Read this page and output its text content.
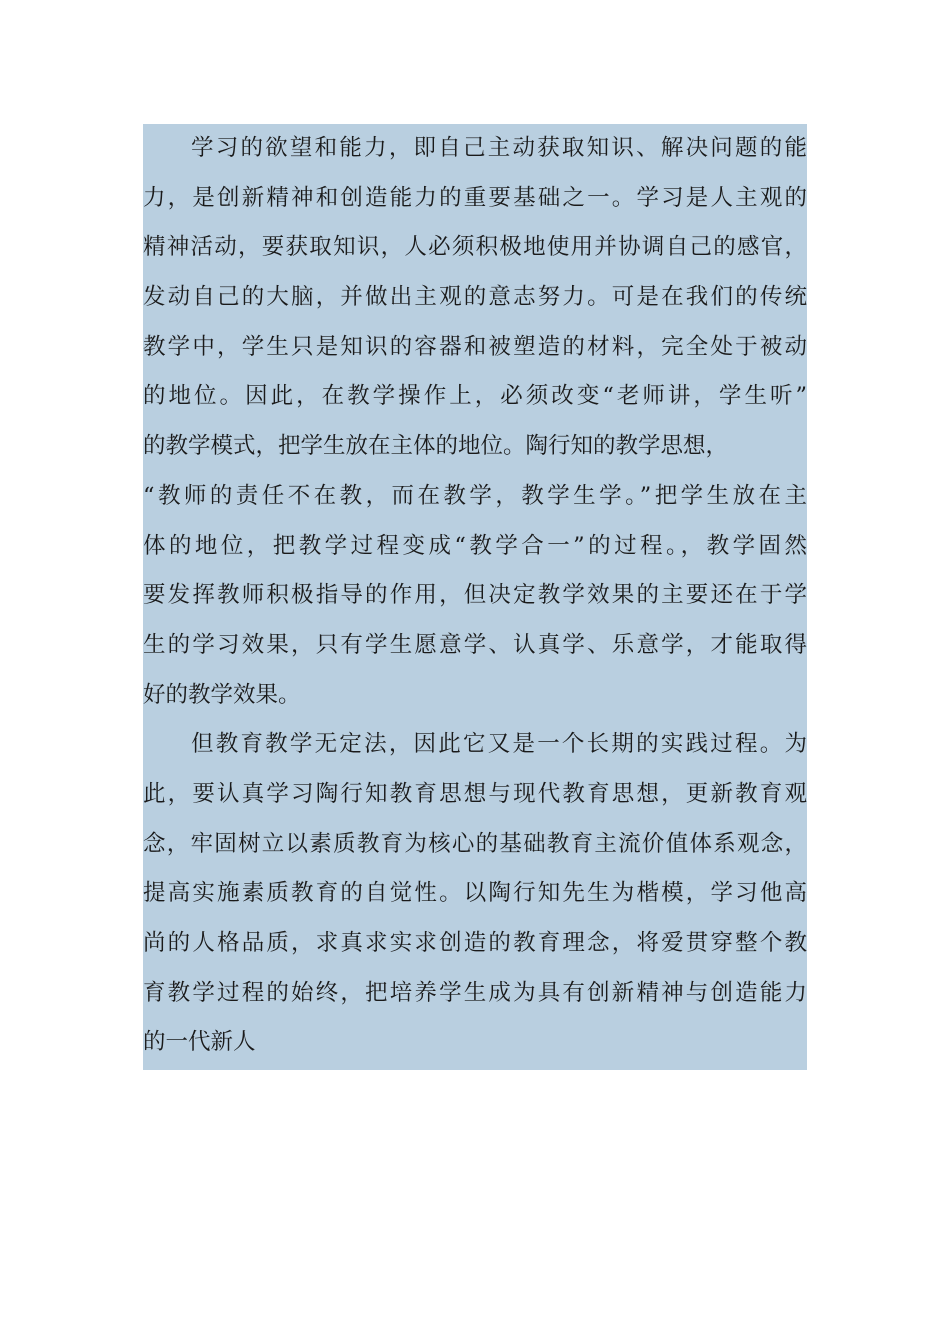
学习的欲望和能力，即自己主动获取知识、解决问题的能
力，是创新精神和创造能力的重要基础之一。学习是人主观的
精神活动，要获取知识，人必须积极地使用并协调自己的感官，
发动自己的大脑，并做出主观的意志努力。可是在我们的传统
教学中，学生只是知识的容器和被塑造的材料，完全处于被动
的地位。因此，在教学操作上，必须改变“老师讲，学生听”
的教学模式，把学生放在主体的地位。陶行知的教学思想，
“教师的责任不在教，而在教学，教学生学。”把学生放在主
体的地位，把教学过程变成“教学合一”的过程。，教学固然
要发挥教师积极指导的作用，但决定教学效果的主要还在于学
生的学习效果，只有学生愿意学、认真学、乐意学，才能取得
好的教学效果。
但教育教学无定法，因此它又是一个长期的实践过程。为
此，要认真学习陶行知教育思想与现代教育思想，更新教育观
念，牢固树立以素质教育为核心的基础教育主流价值体系观念，
提高实施素质教育的自觉性。以陶行知先生为楷模，学习他高
尚的人格品质，求真求实求创造的教育理念，将爱贯穿整个教
育教学过程的始终，把培养学生成为具有创新精神与创造能力
的一代新人
